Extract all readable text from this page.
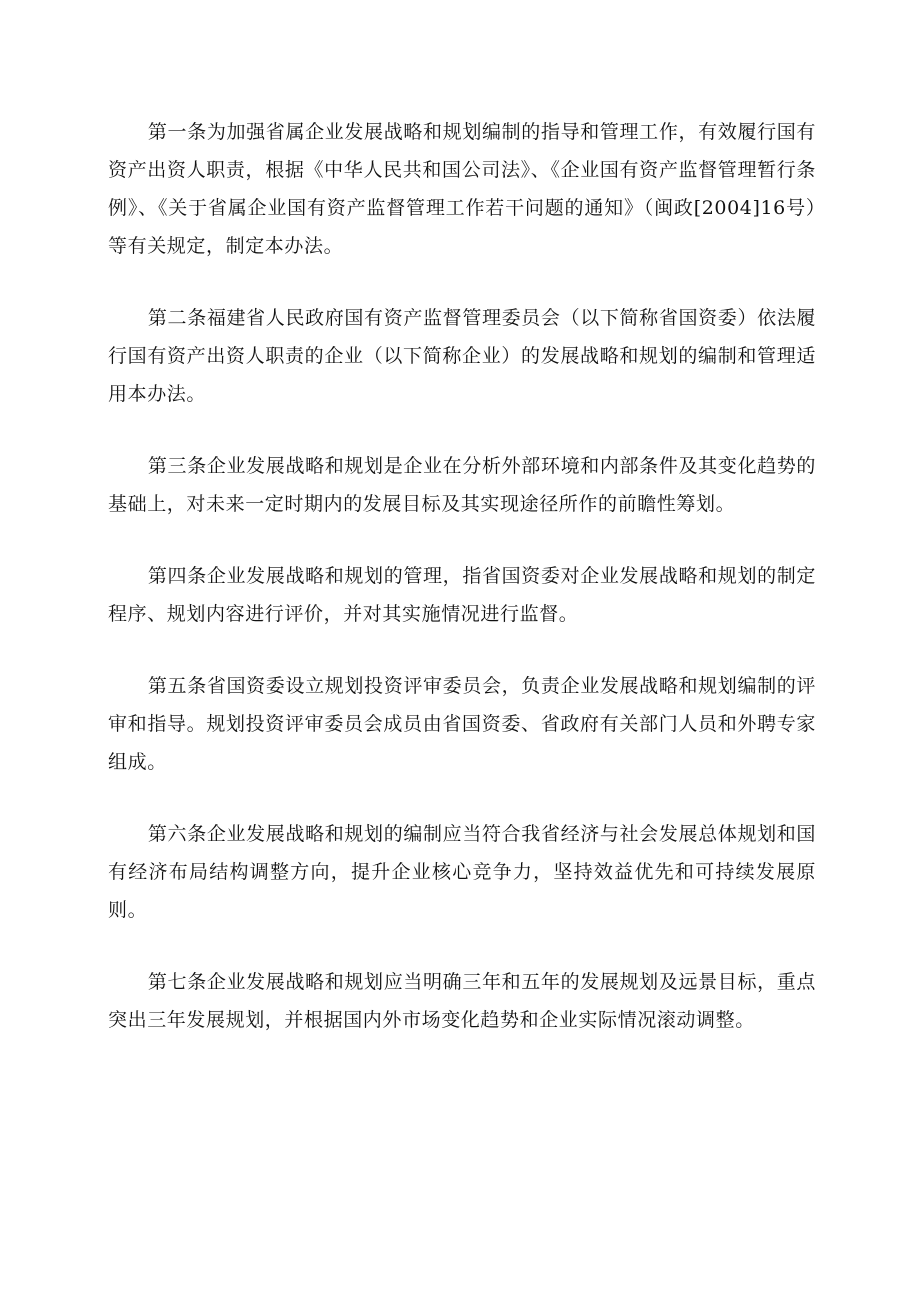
第一条为加强省属企业发展战略和规划编制的指导和管理工作，有效履行国有资产出资人职责，根据《中华人民共和国公司法》、《企业国有资产监督管理暂行条例》、《关于省属企业国有资产监督管理工作若干问题的通知》（闽政[2004]16号）等有关规定，制定本办法。

第二条福建省人民政府国有资产监督管理委员会（以下简称省国资委）依法履行国有资产出资人职责的企业（以下简称企业）的发展战略和规划的编制和管理适用本办法。

第三条企业发展战略和规划是企业在分析外部环境和内部条件及其变化趋势的基础上，对未来一定时期内的发展目标及其实现途径所作的前瞻性筹划。

第四条企业发展战略和规划的管理，指省国资委对企业发展战略和规划的制定程序、规划内容进行评价，并对其实施情况进行监督。

第五条省国资委设立规划投资评审委员会，负责企业发展战略和规划编制的评审和指导。规划投资评审委员会成员由省国资委、省政府有关部门人员和外聘专家组成。

第六条企业发展战略和规划的编制应当符合我省经济与社会发展总体规划和国有经济布局结构调整方向，提升企业核心竞争力，坚持效益优先和可持续发展原则。

第七条企业发展战略和规划应当明确三年和五年的发展规划及远景目标，重点突出三年发展规划，并根据国内外市场变化趋势和企业实际情况滚动调整。
